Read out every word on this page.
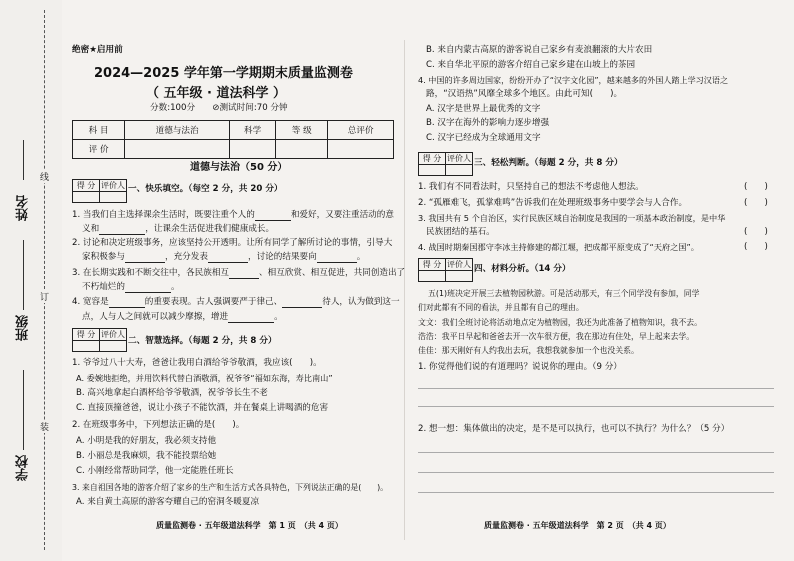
姓名
班级
学校
线
订
装
绝密★启用前
2024—2025 学年第一学期期末质量监测卷
（ 五年级 · 道法科学 ）
分数:100分　　⊘测试时间:70 分钟
科 目	道德与法治	科学	等 级	总评价
评 价				
道德与法治（50 分）
得 分	评价人
	一、快乐填空。（每空 2 分，共 20 分）
1. 当我们自主选择课余生活时，既要注重个人的	和爱好，又要注重活动的意
义和	，让课余生活促进我们健康成长。
2. 讨论和决定班级事务，应该坚持公开透明。让所有同学了解所讨论的事情，引导大
家积极参与	，充分发表	，讨论的结果要向	。
3. 在长期实践和不断交往中，各民族相互	、相互欣赏、相互促进，共同创造出了
不朽灿烂的	。
4. 宽容是	的重要表现。古人强调要严于律己、	待人，认为做到这一
点，人与人之间就可以减少摩擦，增进	。
得 分	评价人

二、智慧选择。（每题 2 分，共 8 分）
1. 爷爷过八十大寿，爸爸让我用白酒给爷爷敬酒，我应该(　　)。
A. 委婉地拒绝，并用饮料代替白酒敬酒，祝爷爷“福如东海，寿比南山”
B. 高兴地拿起白酒杯给爷爷敬酒，祝爷爷长生不老
C. 直接顶撞爸爸，说让小孩子不能饮酒，并在餐桌上讲喝酒的危害
2. 在班级事务中，下列想法正确的是(　　)。
A. 小明是我的好朋友，我必须支持他
B. 小丽总是我麻烦，我不能投票给她
C. 小刚经常帮助同学，他一定能胜任班长
3. 来自祖国各地的游客介绍了家乡的生产和生活方式各具特色，下列说法正确的是(　　)。
A. 来自黄土高原的游客夸耀自己的窑洞冬暖夏凉
质量监测卷 · 五年级道法科学　第 1 页　（共 4 页）
B. 来自内蒙古高原的游客说自己家乡有麦浪翻滚的大片农田
C. 来自华北平原的游客介绍自己家乡建在山坡上的茶园
4. 中国的许多周边国家，纷纷开办了“汉字文化园”，越来越多的外国人踏上学习汉语之
路，“汉语热”风靡全球多个地区。由此可知(　　)。
A. 汉字是世界上最优秀的文字
B. 汉字在海外的影响力逐步增强
C. 汉字已经成为全球通用文字
得 分	评价人
	三、轻松判断。（每题 2 分，共 8 分）
1. 我们有不同看法时，只坚持自己的想法不考虑他人想法。	(　　)
2. “孤雁难飞，孤掌难鸣”告诉我们在处理班级事务中要学会与人合作。	(　　)
3. 我国共有 5 个自治区，实行民族区域自治制度是我国的一项基本政治制度，是中华
民族团结的基石。	(　　)
4. 战国时期秦国郡守李冰主持修建的都江堰，把成都平原变成了“天府之国”。	(　　)
得 分	评价人
	四、材料分析。（14 分）
五(1)班决定开展三去植物园秋游。可是活动那天，有三个同学没有参加，同学
们对此都有不同的看法，并且都有自己的理由。
文文：我们全班讨论将活动地点定为植物园，我还为此准备了植物知识，我不去。
浩浩：我平日早起和爸爸去开一次车很方便，我在那边有住处，早上起来去学。
佳佳：那天刚好有人约我出去玩，我想我就参加一个也没关系。
1. 你觉得他们说的有道理吗？说说你的理由。（9 分）
2. 想一想：集体做出的决定，是不是可以执行，也可以不执行？为什么？（5 分）
质量监测卷 · 五年级道法科学　第 2 页　（共 4 页）
